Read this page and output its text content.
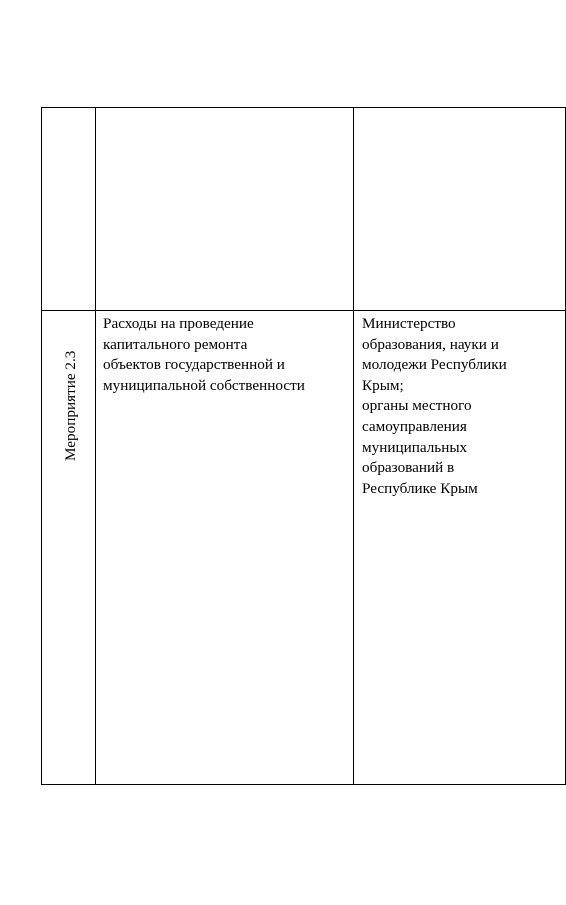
Мероприятие 2.3
Расходы на проведение
капитального ремонта
объектов государственной и
муниципальной собственности
Министерство
образования, науки и
молодежи Республики
Крым;
органы местного
самоуправления
муниципальных
образований в
Республике Крым
